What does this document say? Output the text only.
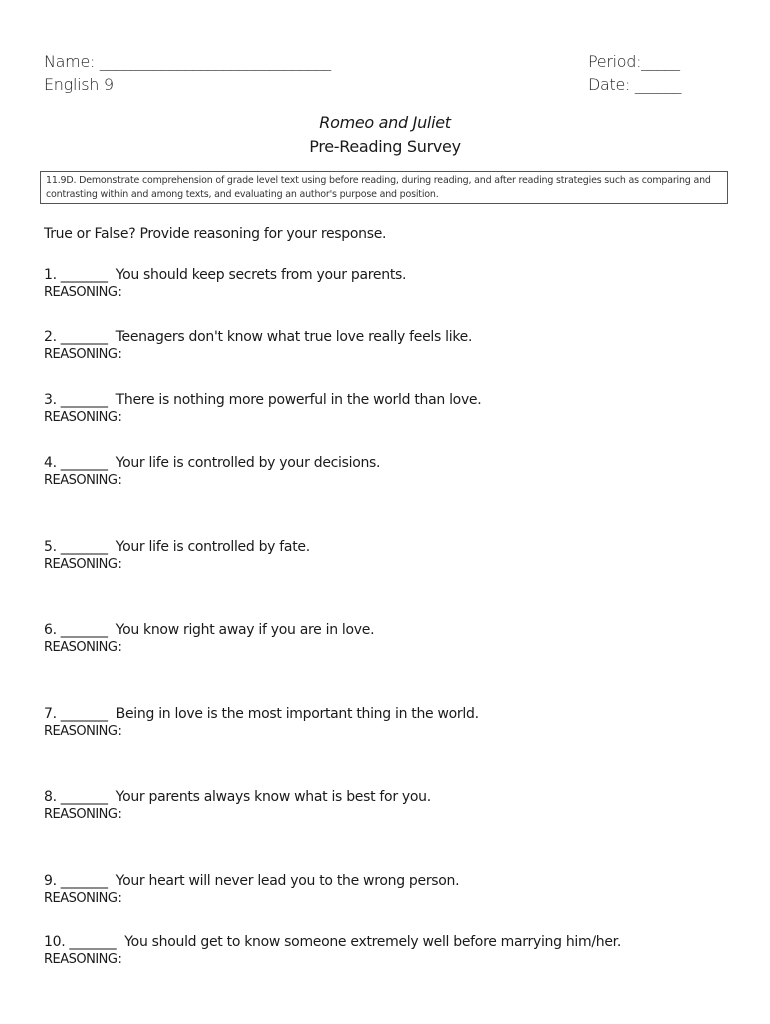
Name: ______________________________
English 9
Period:_____
Date: ______
Romeo and Juliet
Pre-Reading Survey
11.9D. Demonstrate comprehension of grade level text using before reading, during reading, and after reading strategies such as comparing and contrasting within and among texts, and evaluating an author's purpose and position.
True or False? Provide reasoning for your response.
1. _______ You should keep secrets from your parents.
REASONING:
2. _______ Teenagers don't know what true love really feels like.
REASONING:
3. _______ There is nothing more powerful in the world than love.
REASONING:
4. _______ Your life is controlled by your decisions.
REASONING:
5. _______ Your life is controlled by fate.
REASONING:
6. _______ You know right away if you are in love.
REASONING:
7. _______ Being in love is the most important thing in the world.
REASONING:
8. _______ Your parents always know what is best for you.
REASONING:
9. _______ Your heart will never lead you to the wrong person.
REASONING:
10. _______ You should get to know someone extremely well before marrying him/her.
REASONING:
